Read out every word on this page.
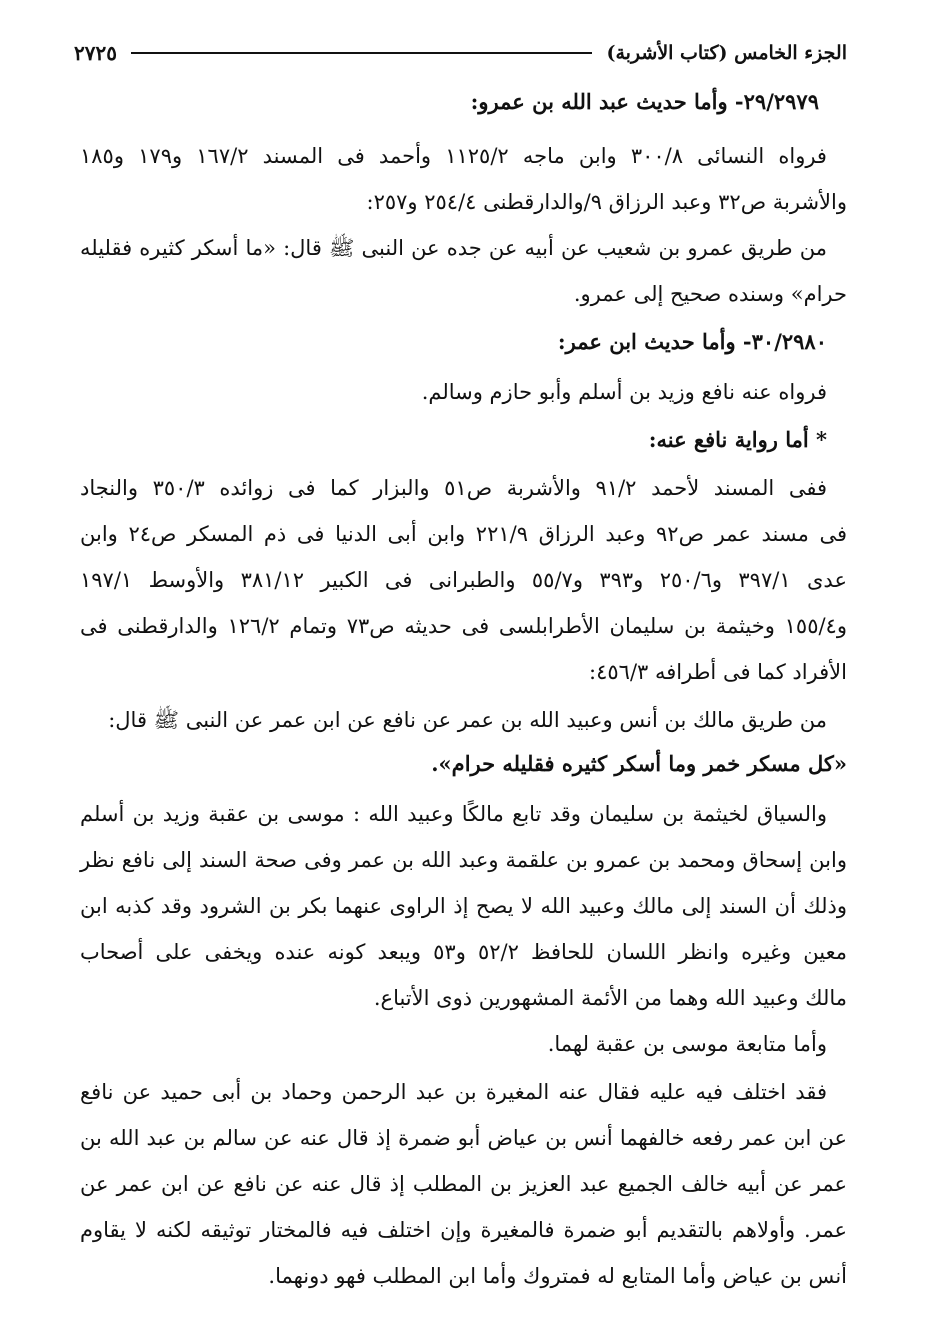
الجزء الخامس (كتاب الأشربة)
٢٧٢٥
٢٩/٢٩٧٩- وأما حديث عبد الله بن عمرو:
فرواه النسائى ٣٠٠/٨ وابن ماجه ١١٢٥/٢ وأحمد فى المسند ١٦٧/٢ و١٧٩ و١٨٥
والأشربة ص٣٢ وعبد الرزاق ٩/والدارقطنى ٢٥٤/٤ و٢٥٧:
من طريق عمرو بن شعيب عن أبيه عن جده عن النبى ﷺ قال: «ما أسكر كثيره فقليله
حرام» وسنده صحيح إلى عمرو.
٣٠/٢٩٨٠- وأما حديث ابن عمر:
فرواه عنه نافع وزيد بن أسلم وأبو حازم وسالم.
* أما رواية نافع عنه:
ففى المسند لأحمد ٩١/٢ والأشربة ص٥١ والبزار كما فى زوائده ٣٥٠/٣ والنجاد
فى مسند عمر ص٩٢ وعبد الرزاق ٢٢١/٩ وابن أبى الدنيا فى ذم المسكر ص٢٤ وابن
عدى ٣٩٧/١ و٢٥٠/٦ و٣٩٣ و٥٥/٧ والطبرانى فى الكبير ٣٨١/١٢ والأوسط ١٩٧/١
و١٥٥/٤ وخيثمة بن سليمان الأطرابلسى فى حديثه ص٧٣ وتمام ١٢٦/٢ والدارقطنى فى
الأفراد كما فى أطرافه ٤٥٦/٣:
من طريق مالك بن أنس وعبيد الله بن عمر عن نافع عن ابن عمر عن النبى ﷺ قال:
«كل مسكر خمر وما أسكر كثيره فقليله حرام».
والسياق لخيثمة بن سليمان وقد تابع مالكًا وعبيد الله : موسى بن عقبة وزيد بن أسلم
وابن إسحاق ومحمد بن عمرو بن علقمة وعبد الله بن عمر وفى صحة السند إلى نافع نظر
وذلك أن السند إلى مالك وعبيد الله لا يصح إذ الراوى عنهما بكر بن الشرود وقد كذبه ابن
معين وغيره وانظر اللسان للحافظ ٥٢/٢ و٥٣ ويبعد كونه عنده ويخفى على أصحاب
مالك وعبيد الله وهما من الأئمة المشهورين ذوى الأتباع.
وأما متابعة موسى بن عقبة لهما.
فقد اختلف فيه عليه فقال عنه المغيرة بن عبد الرحمن وحماد بن أبى حميد عن نافع
عن ابن عمر رفعه خالفهما أنس بن عياض أبو ضمرة إذ قال عنه عن سالم بن عبد الله بن
عمر عن أبيه خالف الجميع عبد العزيز بن المطلب إذ قال عنه عن نافع عن ابن عمر عن
عمر. وأولاهم بالتقديم أبو ضمرة فالمغيرة وإن اختلف فيه فالمختار توثيقه لكنه لا يقاوم
أنس بن عياض وأما المتابع له فمتروك وأما ابن المطلب فهو دونهما.
